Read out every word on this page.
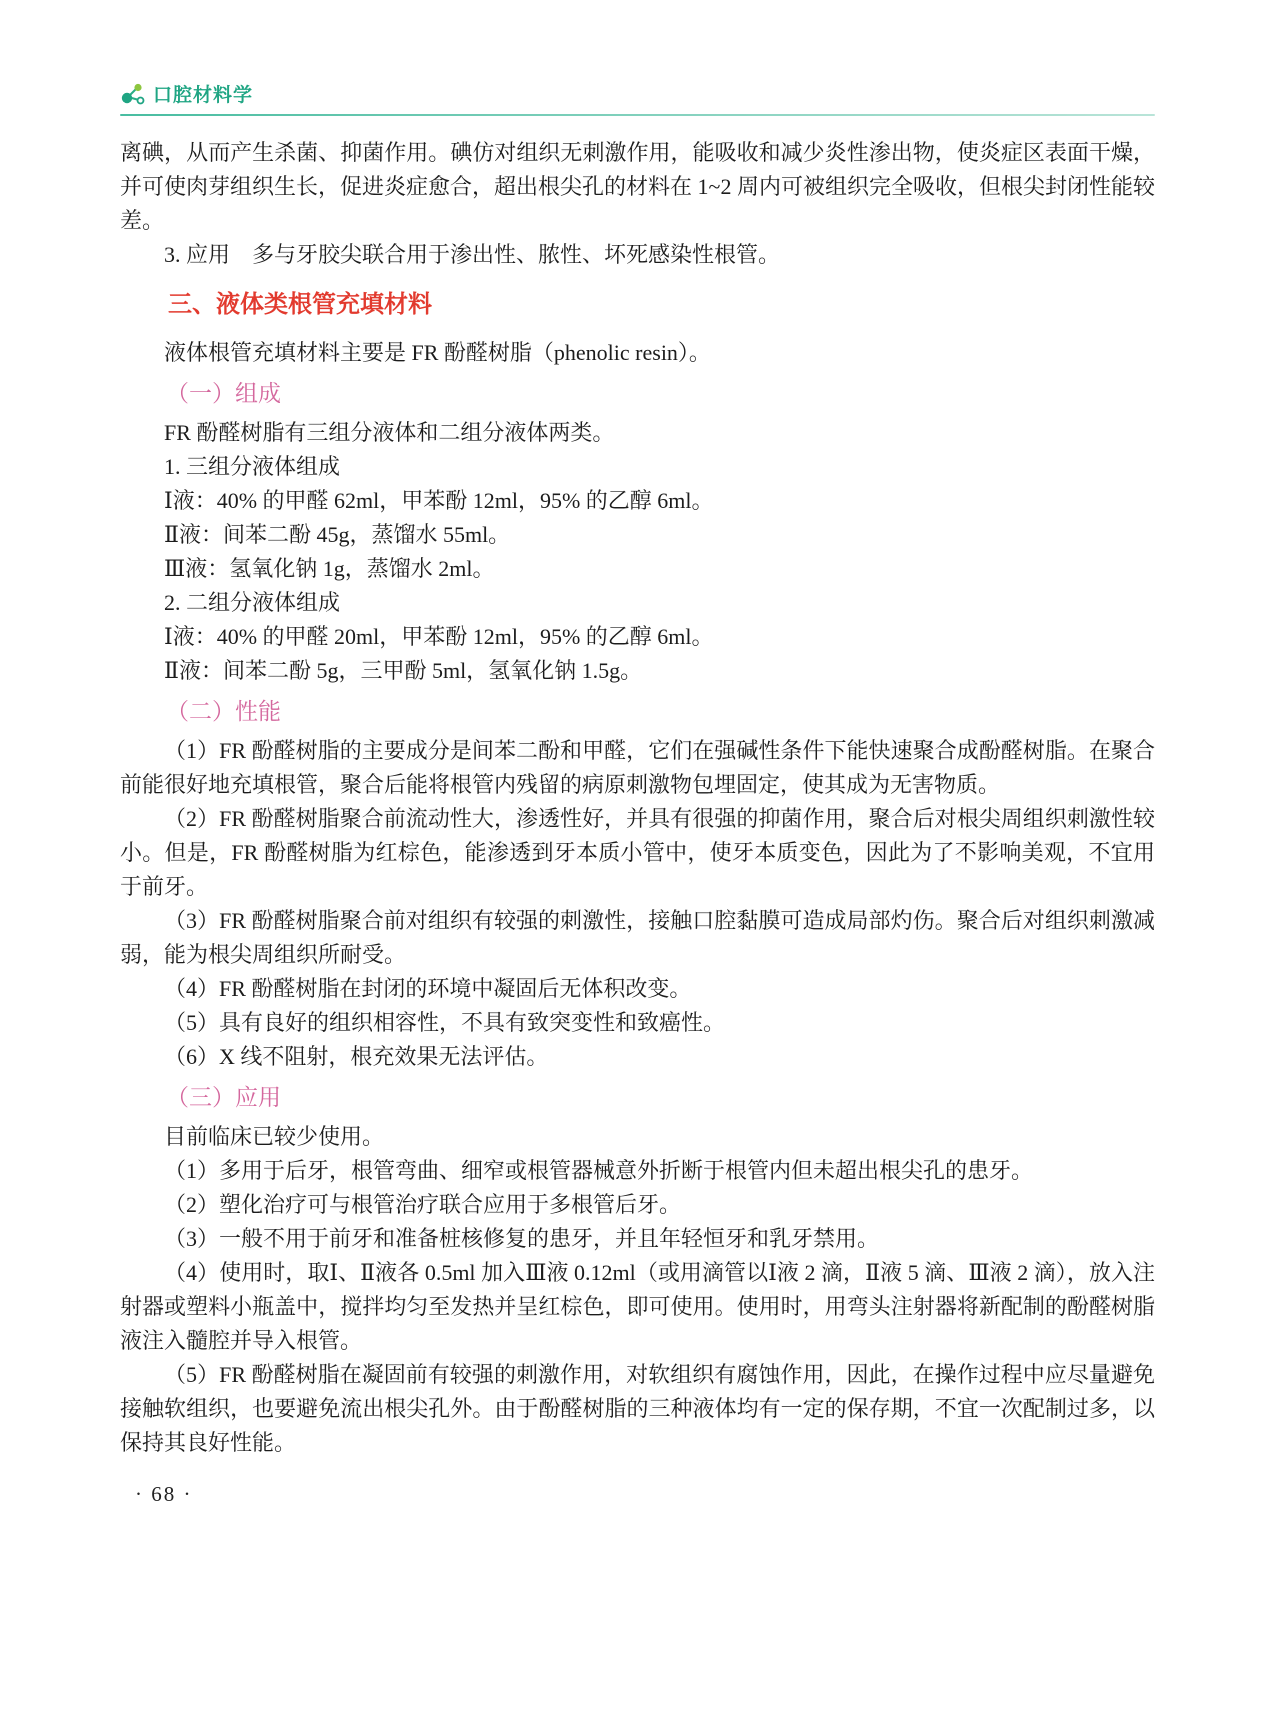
口腔材料学

离碘，从而产生杀菌、抑菌作用。碘仿对组织无刺激作用，能吸收和减少炎性渗出物，使炎症区表面干燥，并可使肉芽组织生长，促进炎症愈合，超出根尖孔的材料在 1~2 周内可被组织完全吸收，但根尖封闭性能较差。

3. 应用　多与牙胶尖联合用于渗出性、脓性、坏死感染性根管。

三、液体类根管充填材料

液体根管充填材料主要是 FR 酚醛树脂（phenolic resin）。

（一）组成

FR 酚醛树脂有三组分液体和二组分液体两类。

1. 三组分液体组成

Ⅰ液：40% 的甲醛 62ml，甲苯酚 12ml，95% 的乙醇 6ml。

Ⅱ液：间苯二酚 45g，蒸馏水 55ml。

Ⅲ液：氢氧化钠 1g，蒸馏水 2ml。

2. 二组分液体组成

Ⅰ液：40% 的甲醛 20ml，甲苯酚 12ml，95% 的乙醇 6ml。

Ⅱ液：间苯二酚 5g，三甲酚 5ml，氢氧化钠 1.5g。

（二）性能

（1）FR 酚醛树脂的主要成分是间苯二酚和甲醛，它们在强碱性条件下能快速聚合成酚醛树脂。在聚合前能很好地充填根管，聚合后能将根管内残留的病原刺激物包埋固定，使其成为无害物质。

（2）FR 酚醛树脂聚合前流动性大，渗透性好，并具有很强的抑菌作用，聚合后对根尖周组织刺激性较小。但是，FR 酚醛树脂为红棕色，能渗透到牙本质小管中，使牙本质变色，因此为了不影响美观，不宜用于前牙。

（3）FR 酚醛树脂聚合前对组织有较强的刺激性，接触口腔黏膜可造成局部灼伤。聚合后对组织刺激减弱，能为根尖周组织所耐受。

（4）FR 酚醛树脂在封闭的环境中凝固后无体积改变。

（5）具有良好的组织相容性，不具有致突变性和致癌性。

（6）X 线不阻射，根充效果无法评估。

（三）应用

目前临床已较少使用。

（1）多用于后牙，根管弯曲、细窄或根管器械意外折断于根管内但未超出根尖孔的患牙。

（2）塑化治疗可与根管治疗联合应用于多根管后牙。

（3）一般不用于前牙和准备桩核修复的患牙，并且年轻恒牙和乳牙禁用。

（4）使用时，取Ⅰ、Ⅱ液各 0.5ml 加入Ⅲ液 0.12ml（或用滴管以Ⅰ液 2 滴，Ⅱ液 5 滴、Ⅲ液 2 滴），放入注射器或塑料小瓶盖中，搅拌均匀至发热并呈红棕色，即可使用。使用时，用弯头注射器将新配制的酚醛树脂液注入髓腔并导入根管。

（5）FR 酚醛树脂在凝固前有较强的刺激作用，对软组织有腐蚀作用，因此，在操作过程中应尽量避免接触软组织，也要避免流出根尖孔外。由于酚醛树脂的三种液体均有一定的保存期，不宜一次配制过多，以保持其良好性能。

· 68 ·
